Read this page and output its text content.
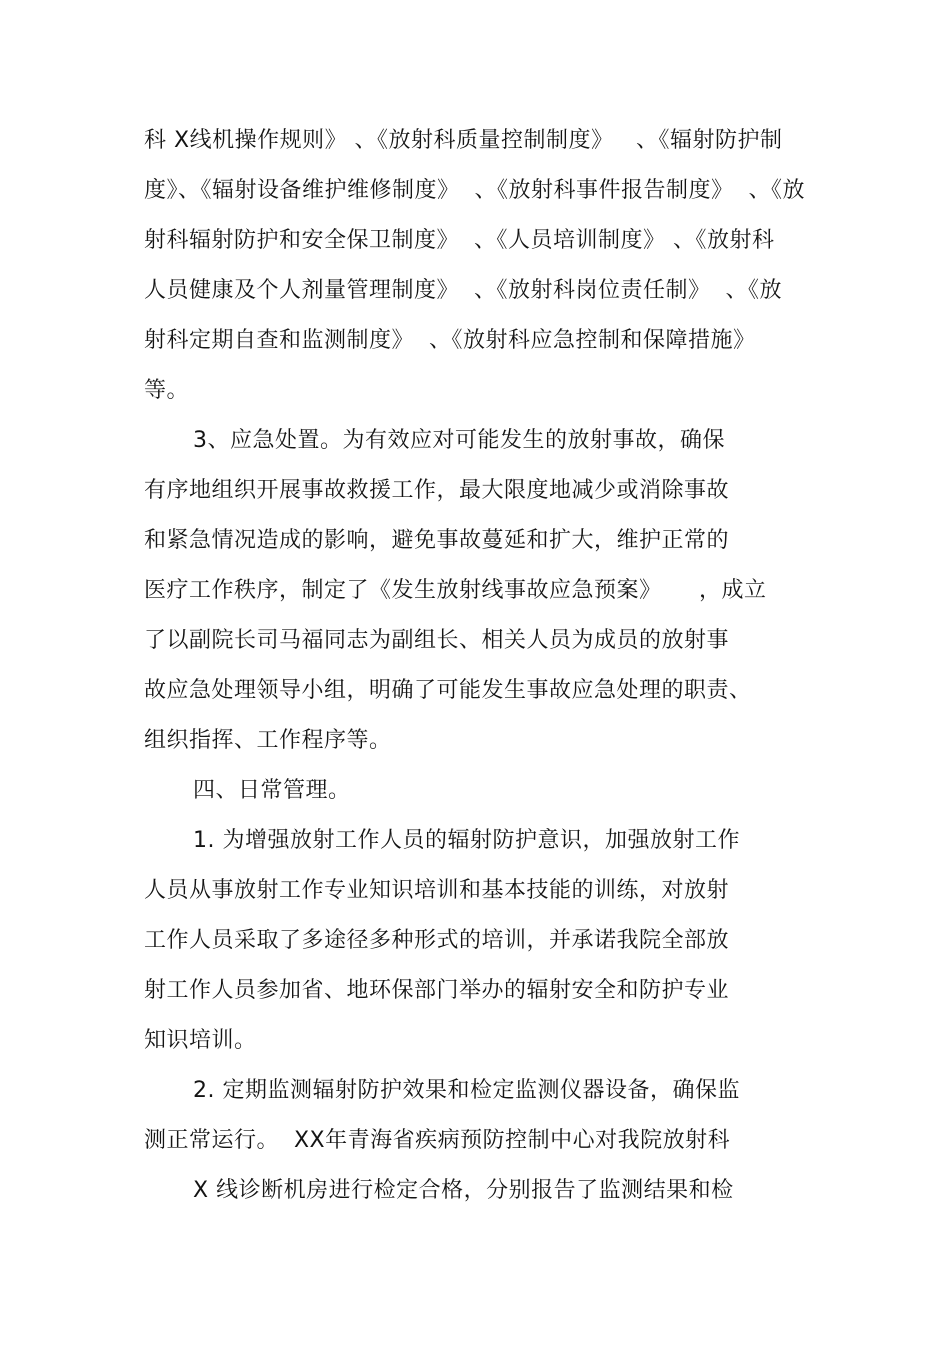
科 X线机操作规则》 、《放射科质量控制制度》   、《辐射防护制
度》、《辐射设备维护维修制度》  、《放射科事件报告制度》  、《放
射科辐射防护和安全保卫制度》  、《人员培训制度》 、《放射科
人员健康及个人剂量管理制度》  、《放射科岗位责任制》  、《放
射科定期自查和监测制度》  、《放射科应急控制和保障措施》
等。
3、应急处置。为有效应对可能发生的放射事故，确保
有序地组织开展事故救援工作，最大限度地减少或消除事故
和紧急情况造成的影响，避免事故蔓延和扩大，维护正常的
医疗工作秩序，制定了《发生放射线事故应急预案》     ，成立
了以副院长司马福同志为副组长、相关人员为成员的放射事
故应急处理领导小组，明确了可能发生事故应急处理的职责、
组织指挥、工作程序等。
四、日常管理。
1. 为增强放射工作人员的辐射防护意识，加强放射工作
人员从事放射工作专业知识培训和基本技能的训练，对放射
工作人员采取了多途径多种形式的培训，并承诺我院全部放
射工作人员参加省、地环保部门举办的辐射安全和防护专业
知识培训。
2. 定期监测辐射防护效果和检定监测仪器设备，确保监
测正常运行。  XX年青海省疾病预防控制中心对我院放射科
X 线诊断机房进行检定合格，分别报告了监测结果和检
